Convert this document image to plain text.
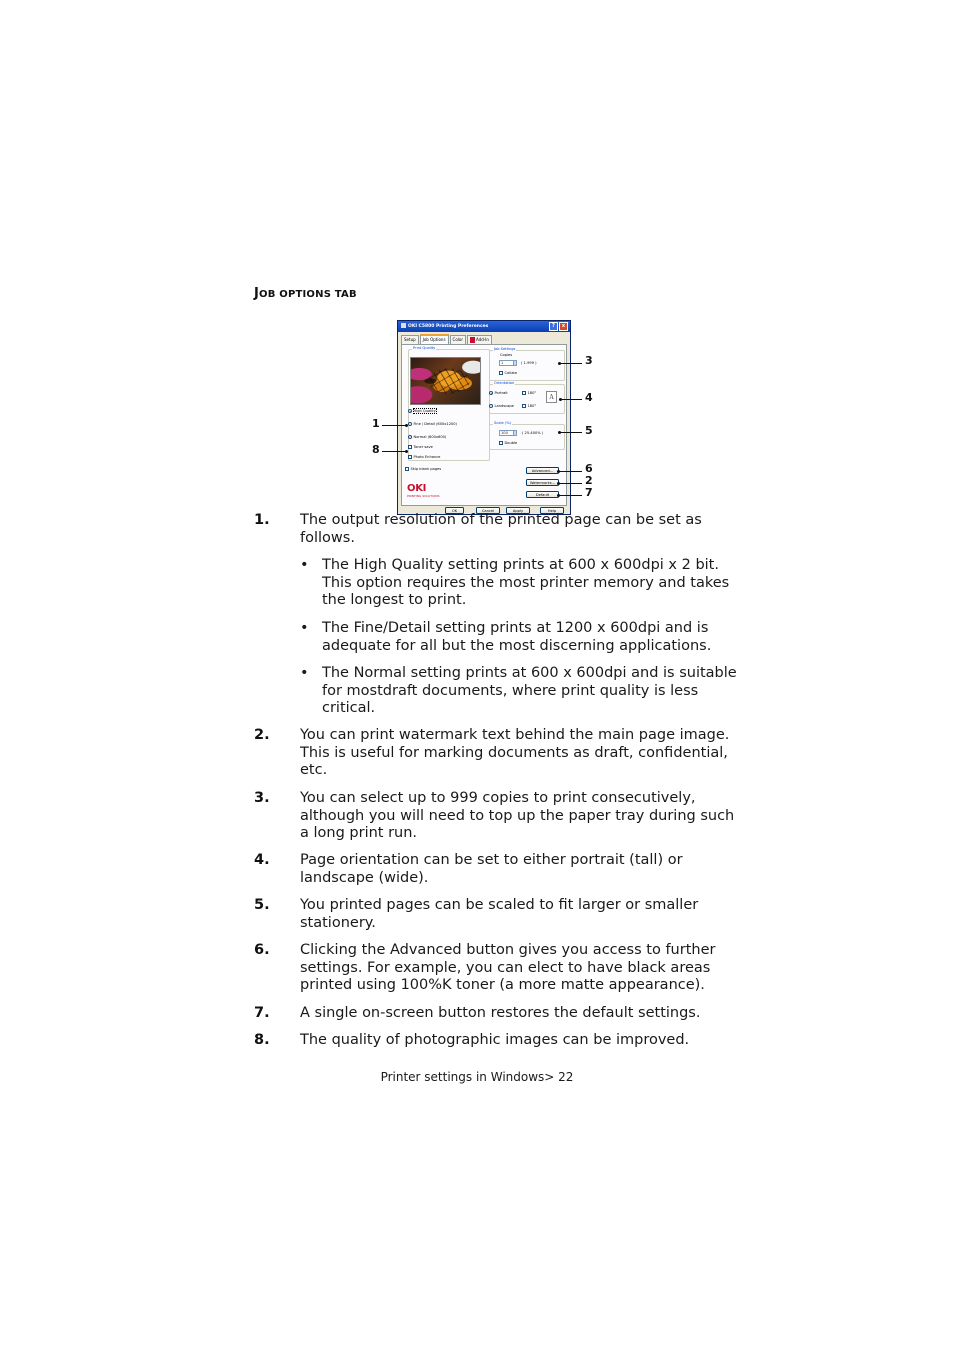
JOB OPTIONS TAB
OKI C5800 Printing Preferences	?	x
Setup	Job Options	Color	Add-In
Print Quality
High Quality
Fine / Detail (600x1200)
Normal (600x600)
Toner save
Photo Enhance
Skip blank pages
Job Settings
Copies
1	( 1-999 )
Collate
Orientation
Portrait
Landscape
180°
180°
A
Scale (%)
100	( 25-400% )
Double
Advanced...
Watermarks...
Default
OKI
PRINTING SOLUTIONS
OK	Cancel	Apply	Help
3
4
5
6
2
7
1
8
1. The output resolution of the printed page can be set as follows.
• The High Quality setting prints at 600 x 600dpi x 2 bit. This option requires the most printer memory and takes the longest to print.
• The Fine/Detail setting prints at 1200 x 600dpi and is adequate for all but the most discerning applications.
• The Normal setting prints at 600 x 600dpi and is suitable for mostdraft documents, where print quality is less critical.
2. You can print watermark text behind the main page image. This is useful for marking documents as draft, confidential, etc.
3. You can select up to 999 copies to print consecutively, although you will need to top up the paper tray during such a long print run.
4. Page orientation can be set to either portrait (tall) or landscape (wide).
5. You printed pages can be scaled to fit larger or smaller stationery.
6. Clicking the Advanced button gives you access to further settings. For example, you can elect to have black areas printed using 100%K toner (a more matte appearance).
7. A single on-screen button restores the default settings.
8. The quality of photographic images can be improved.
Printer settings in Windows> 22
